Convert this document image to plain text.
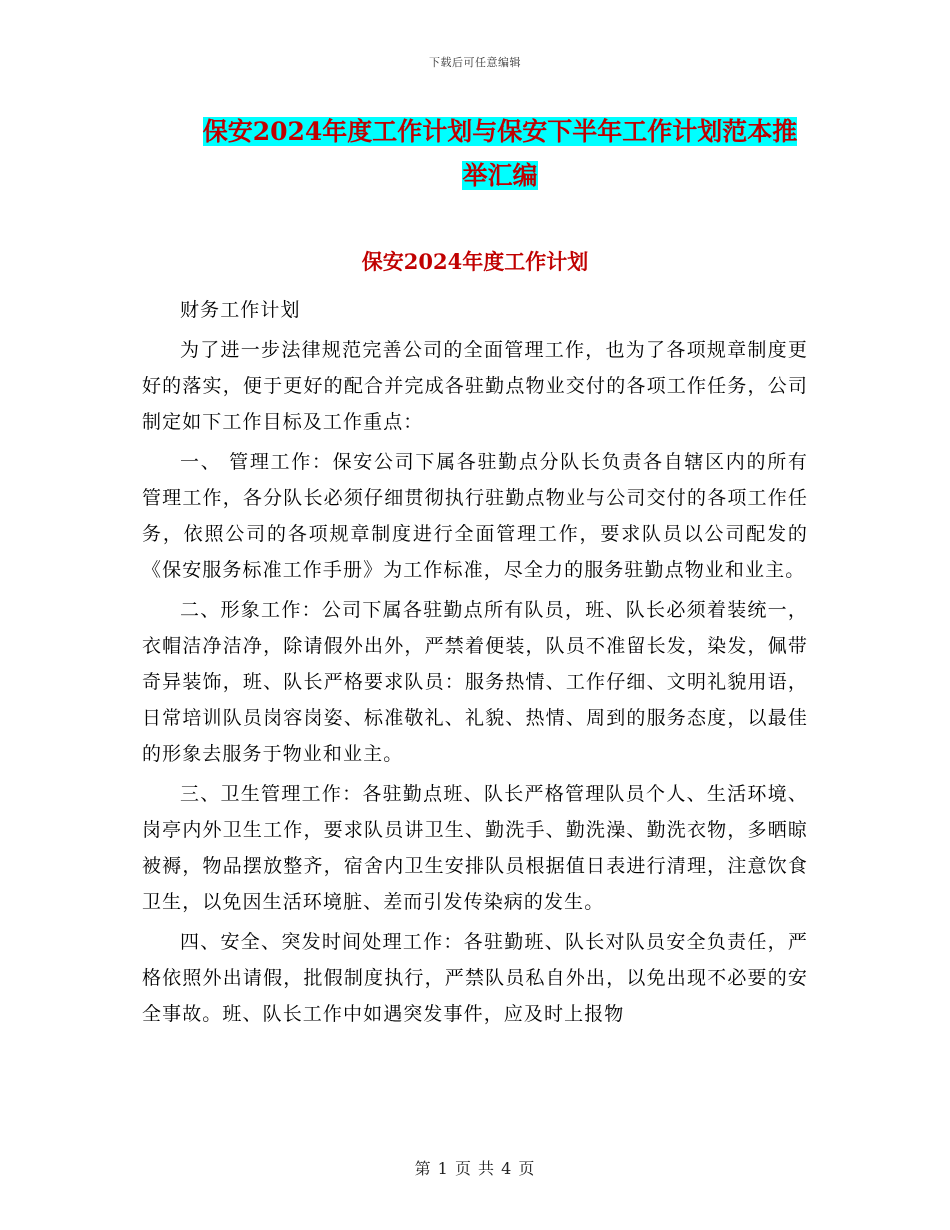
下载后可任意编辑
保安2024年度工作计划与保安下半年工作计划范本推
举汇编
保安2024年度工作计划

财务工作计划

为了进一步法律规范完善公司的全面管理工作，也为了各项规章制度更好的落实，便于更好的配合并完成各驻勤点物业交付的各项工作任务，公司制定如下工作目标及工作重点：

一、 管理工作：保安公司下属各驻勤点分队长负责各自辖区内的所有管理工作，各分队长必须仔细贯彻执行驻勤点物业与公司交付的各项工作任务，依照公司的各项规章制度进行全面管理工作，要求队员以公司配发的《保安服务标准工作手册》为工作标准，尽全力的服务驻勤点物业和业主。

二、形象工作：公司下属各驻勤点所有队员，班、队长必须着装统一，衣帽洁净洁净，除请假外出外，严禁着便装，队员不准留长发，染发，佩带奇异装饰，班、队长严格要求队员：服务热情、工作仔细、文明礼貌用语，日常培训队员岗容岗姿、标准敬礼、礼貌、热情、周到的服务态度，以最佳的形象去服务于物业和业主。

三、卫生管理工作：各驻勤点班、队长严格管理队员个人、生活环境、岗亭内外卫生工作，要求队员讲卫生、勤洗手、勤洗澡、勤洗衣物，多晒晾被褥，物品摆放整齐，宿舍内卫生安排队员根据值日表进行清理，注意饮食卫生，以免因生活环境脏、差而引发传染病的发生。

四、安全、突发时间处理工作：各驻勤班、队长对队员安全负责任，严格依照外出请假，批假制度执行，严禁队员私自外出，以免出现不必要的安全事故。班、队长工作中如遇突发事件，应及时上报物

第 1 页 共 4 页
